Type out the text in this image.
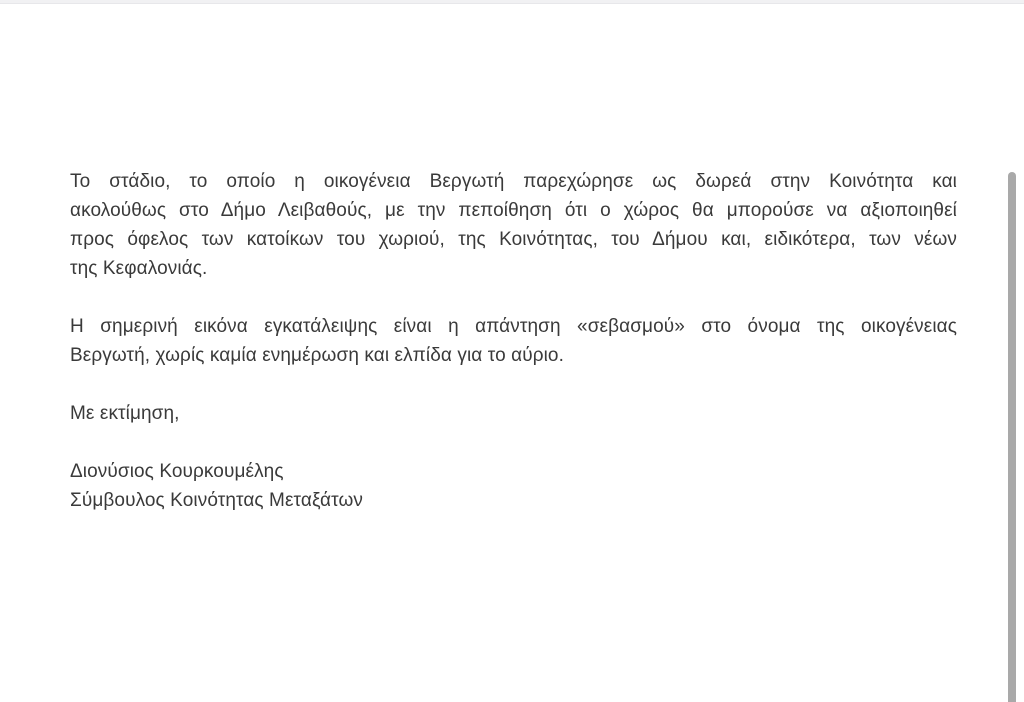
Το στάδιο, το οποίο η οικογένεια Βεργωτή παρεχώρησε ως δωρεά στην Κοινότητα και
ακολούθως στο Δήμο Λειβαθούς, με την πεποίθηση ότι ο χώρος θα μπορούσε να αξιοποιηθεί
προς όφελος των κατοίκων του χωριού, της Κοινότητας, του Δήμου και, ειδικότερα, των νέων
της Κεφαλονιάς.
Η σημερινή εικόνα εγκατάλειψης είναι η απάντηση «σεβασμού» στο όνομα της οικογένειας
Βεργωτή, χωρίς καμία ενημέρωση και ελπίδα για το αύριο.
Με εκτίμηση,
Διονύσιος Κουρκουμέλης
Σύμβουλος Κοινότητας Μεταξάτων
